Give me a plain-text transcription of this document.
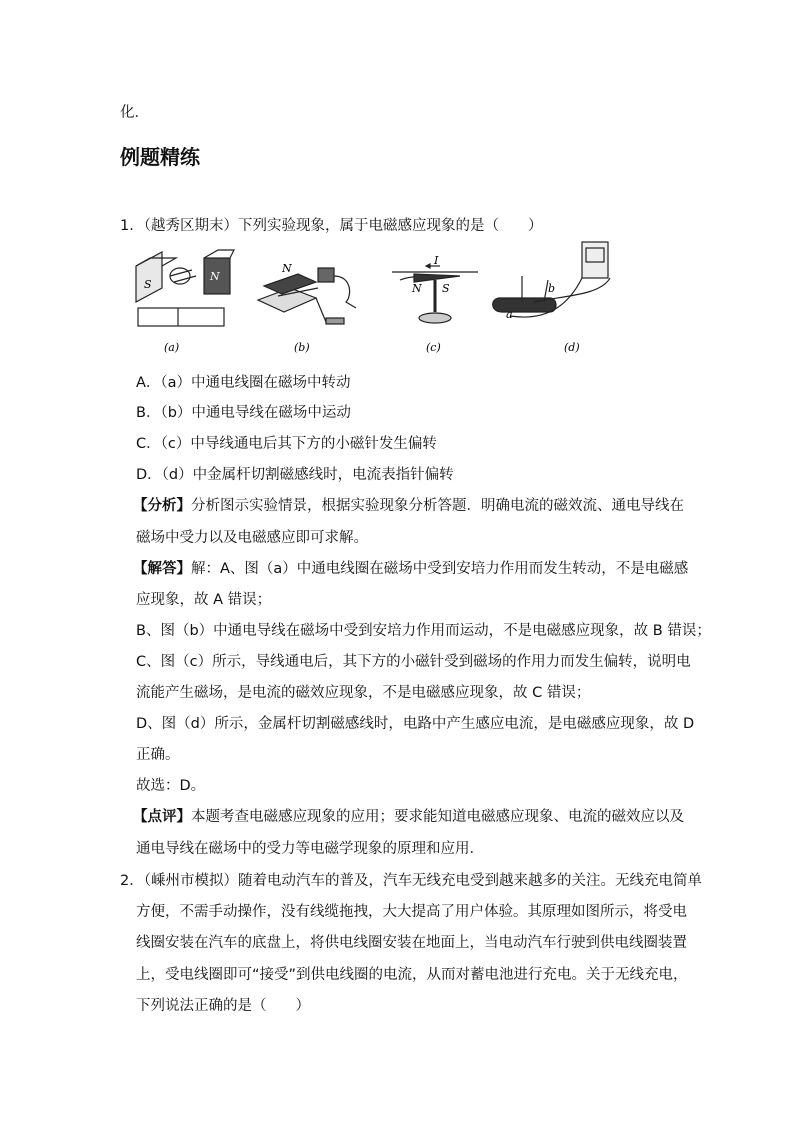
化．
例题精练
1．（越秀区期末）下列实验现象，属于电磁感应现象的是（　　）
S
N
N
I
N S	b
a
(a)	(b)	(c)	(d)
A．（a）中通电线圈在磁场中转动
B．（b）中通电导线在磁场中运动
C．（c）中导线通电后其下方的小磁针发生偏转
D．（d）中金属杆切割磁感线时，电流表指针偏转
【分析】分析图示实验情景，根据实验现象分析答题．明确电流的磁效流、通电导线在
磁场中受力以及电磁感应即可求解。
【解答】解：A、图（a）中通电线圈在磁场中受到安培力作用而发生转动，不是电磁感
应现象，故 A 错误；
B、图（b）中通电导线在磁场中受到安培力作用而运动，不是电磁感应现象，故 B 错误；
C、图（c）所示，导线通电后，其下方的小磁针受到磁场的作用力而发生偏转，说明电
流能产生磁场，是电流的磁效应现象，不是电磁感应现象，故 C 错误；
D、图（d）所示，金属杆切割磁感线时，电路中产生感应电流，是电磁感应现象，故 D
正确。
故选：D。
【点评】本题考查电磁感应现象的应用；要求能知道电磁感应现象、电流的磁效应以及
通电导线在磁场中的受力等电磁学现象的原理和应用．
2．（嵊州市模拟）随着电动汽车的普及，汽车无线充电受到越来越多的关注。无线充电简单
方便，不需手动操作，没有线缆拖拽，大大提高了用户体验。其原理如图所示，将受电
线圈安装在汽车的底盘上，将供电线圈安装在地面上，当电动汽车行驶到供电线圈装置
上，受电线圈即可“接受”到供电线圈的电流，从而对蓄电池进行充电。关于无线充电，
下列说法正确的是（　　）
